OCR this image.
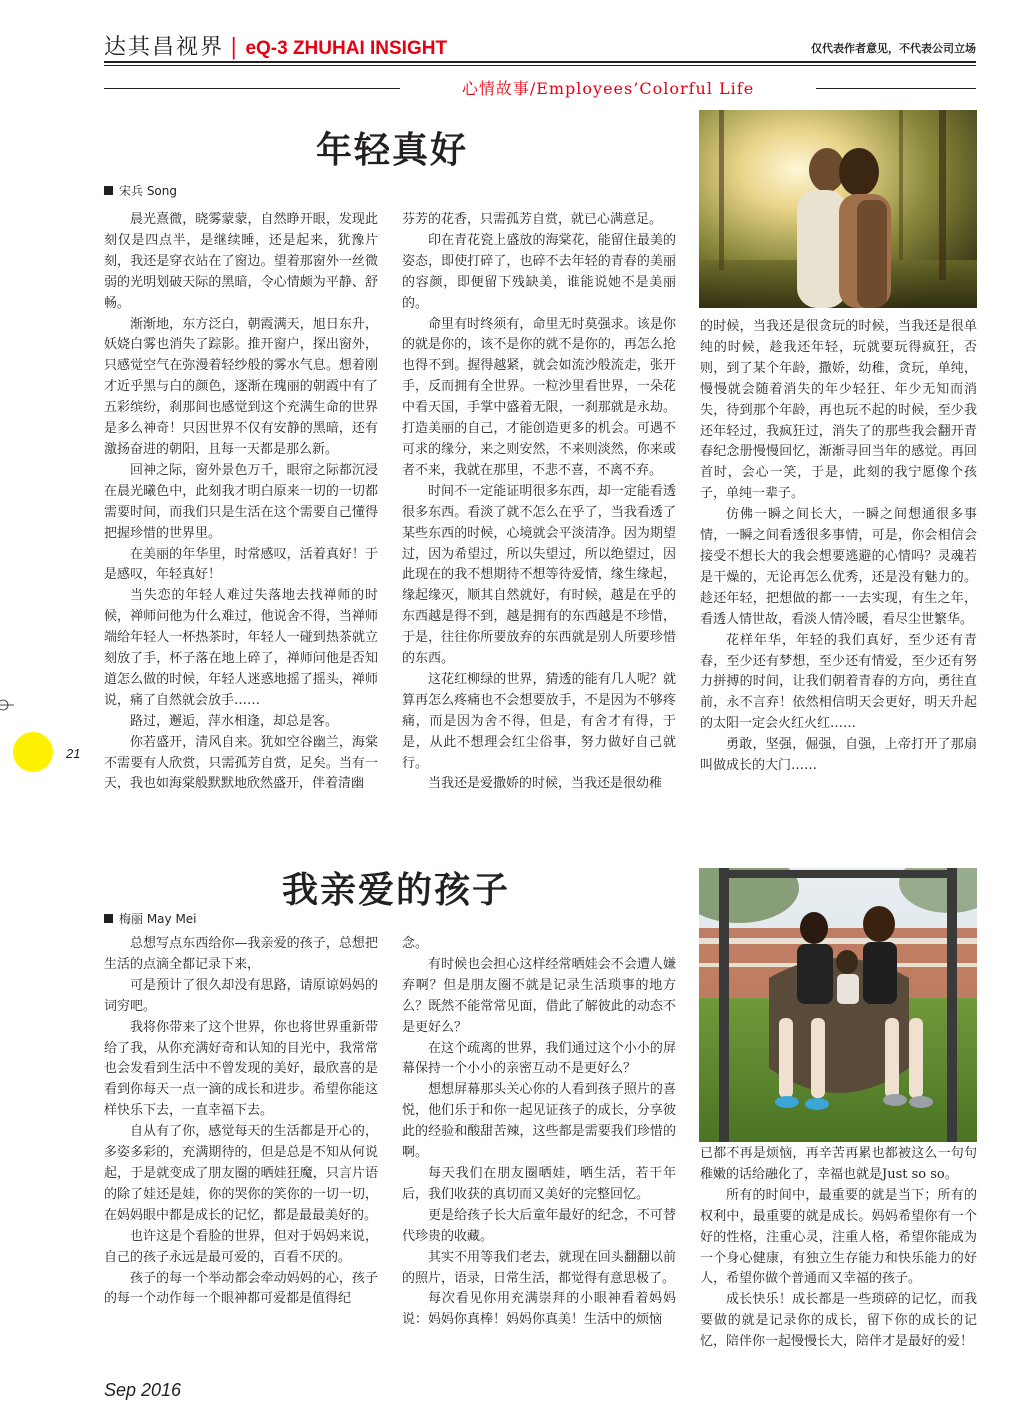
达其昌视界 | eQ-3 ZHUHAI INSIGHT	仅代表作者意见，不代表公司立场
心情故事/Employees’Colorful Life
年轻真好
宋兵 Song

晨光熹微，晓雾蒙蒙，自然睁开眼，发现此刻仅是四点半，是继续睡，还是起来，犹豫片刻，我还是穿衣站在了窗边。望着那窗外一丝微弱的光明划破天际的黑暗，令心情颇为平静、舒畅。

渐渐地，东方泛白，朝霞满天，旭日东升，妖娆白雾也消失了踪影。推开窗户，探出窗外，只感觉空气在弥漫着轻纱般的雾水气息。想着刚才近乎黑与白的颜色，逐渐在瑰丽的朝霞中有了五彩缤纷，刹那间也感觉到这个充满生命的世界是多么神奇！只因世界不仅有安静的黑暗，还有激扬奋进的朝阳，且每一天都是那么新。

回神之际，窗外景色万千，眼帘之际都沉浸在晨光曦色中，此刻我才明白原来一切的一切都需要时间，而我们只是生活在这个需要自己懂得把握珍惜的世界里。

在美丽的年华里，时常感叹，活着真好！于是感叹，年轻真好！

当失恋的年轻人难过失落地去找禅师的时候，禅师问他为什么难过，他说舍不得，当禅师端给年轻人一杯热茶时，年轻人一碰到热茶就立刻放了手，杯子落在地上碎了，禅师问他是否知道怎么做的时候，年轻人迷惑地摇了摇头，禅师说，痛了自然就会放手……

路过，邂逅，萍水相逢，却总是客。

你若盛开，清风自来。犹如空谷幽兰，海棠不需要有人欣赏，只需孤芳自赏，足矣。当有一天，我也如海棠般默默地欣然盛开，伴着清幽

芬芳的花香，只需孤芳自赏，就已心满意足。

印在青花瓷上盛放的海棠花，能留住最美的姿态，即使打碎了，也碎不去年轻的青春的美丽的容颜，即便留下残缺美，谁能说她不是美丽的。

命里有时终须有，命里无时莫强求。该是你的就是你的，该不是你的就不是你的，再怎么抢也得不到。握得越紧，就会如流沙般流走，张开手，反而拥有全世界。一粒沙里看世界，一朵花中看天国，手掌中盛着无限，一刹那就是永劫。打造美丽的自己，才能创造更多的机会。可遇不可求的缘分，来之则安然，不来则淡然，你来或者不来，我就在那里，不悲不喜，不离不弃。

时间不一定能证明很多东西，却一定能看透很多东西。看淡了就不怎么在乎了，当我看透了某些东西的时候，心境就会平淡清净。因为期望过，因为希望过，所以失望过，所以绝望过，因此现在的我不想期待不想等待爱情，缘生缘起，缘起缘灭，顺其自然就好，有时候，越是在乎的东西越是得不到，越是拥有的东西越是不珍惜，于是，往往你所要放弃的东西就是别人所要珍惜的东西。

这花红柳绿的世界，猜透的能有几人呢？就算再怎么疼痛也不会想要放手，不是因为不够疼痛，而是因为舍不得，但是，有舍才有得，于是，从此不想理会红尘俗事，努力做好自己就行。

当我还是爱撒娇的时候，当我还是很幼稚

的时候，当我还是很贪玩的时候，当我还是很单纯的时候，趁我还年轻，玩就要玩得疯狂，否则，到了某个年龄，撒娇，幼稚，贪玩，单纯，慢慢就会随着消失的年少轻狂、年少无知而消失，待到那个年龄，再也玩不起的时候，至少我还年轻过，我疯狂过，消失了的那些我会翻开青春纪念册慢慢回忆，渐渐寻回当年的感觉。再回首时，会心一笑，于是，此刻的我宁愿像个孩子，单纯一辈子。

仿佛一瞬之间长大，一瞬之间想通很多事情，一瞬之间看透很多事情，可是，你会相信会接受不想长大的我会想要逃避的心情吗？灵魂若是干燥的，无论再怎么优秀，还是没有魅力的。趁还年轻，把想做的都一一去实现，有生之年，看透人情世故，看淡人情冷暖，看尽尘世繁华。

花样年华，年轻的我们真好，至少还有青春，至少还有梦想，至少还有情爱，至少还有努力拼搏的时间，让我们朝着青春的方向，勇往直前，永不言弃！依然相信明天会更好，明天升起的太阳一定会火红火红……

勇敢，坚强，倔强，自强，上帝打开了那扇叫做成长的大门……

我亲爱的孩子
梅丽 May Mei

总想写点东西给你—我亲爱的孩子，总想把生活的点滴全都记录下来，

可是预计了很久却没有思路，请原谅妈妈的词穷吧。

我将你带来了这个世界，你也将世界重新带给了我，从你充满好奇和认知的目光中，我常常也会发看到生活中不曾发现的美好，最欣喜的是看到你每天一点一滴的成长和进步。希望你能这样快乐下去，一直幸福下去。

自从有了你，感觉每天的生活都是开心的，多姿多彩的，充满期待的，但是总是不知从何说起，于是就变成了朋友圈的晒娃狂魔，只言片语的除了娃还是娃，你的哭你的笑你的一切一切，在妈妈眼中都是成长的记忆，都是最最美好的。

也许这是个看脸的世界，但对于妈妈来说，自己的孩子永远是最可爱的，百看不厌的。

孩子的每一个举动都会牵动妈妈的心，孩子的每一个动作每一个眼神都可爱都是值得纪

念。

有时候也会担心这样经常晒娃会不会遭人嫌弃啊？但是朋友圈不就是记录生活琐事的地方么？既然不能常常见面，借此了解彼此的动态不是更好么？

在这个疏离的世界，我们通过这个小小的屏幕保持一个小小的亲密互动不是更好么？

想想屏幕那头关心你的人看到孩子照片的喜悦，他们乐于和你一起见证孩子的成长，分享彼此的经验和酸甜苦辣，这些都是需要我们珍惜的啊。

每天我们在朋友圈晒娃，晒生活，若干年后，我们收获的真切而又美好的完整回忆。

更是给孩子长大后童年最好的纪念，不可替代珍贵的收藏。

其实不用等我们老去，就现在回头翻翻以前的照片，语录，日常生活，都觉得有意思极了。

每次看见你用充满崇拜的小眼神看着妈妈说：妈妈你真棒！妈妈你真美！生活中的烦恼

已都不再是烦恼，再辛苦再累也都被这么一句句稚嫩的话给融化了，幸福也就是Just so so。

所有的时间中，最重要的就是当下；所有的权利中，最重要的就是成长。妈妈希望你有一个好的性格，注重心灵，注重人格，希望你能成为一个身心健康，有独立生存能力和快乐能力的好人，希望你做个普通而又幸福的孩子。

成长快乐！成长都是一些琐碎的记忆，而我要做的就是记录你的成长，留下你的成长的记忆，陪伴你一起慢慢长大，陪伴才是最好的爱！

21
Sep 2016
